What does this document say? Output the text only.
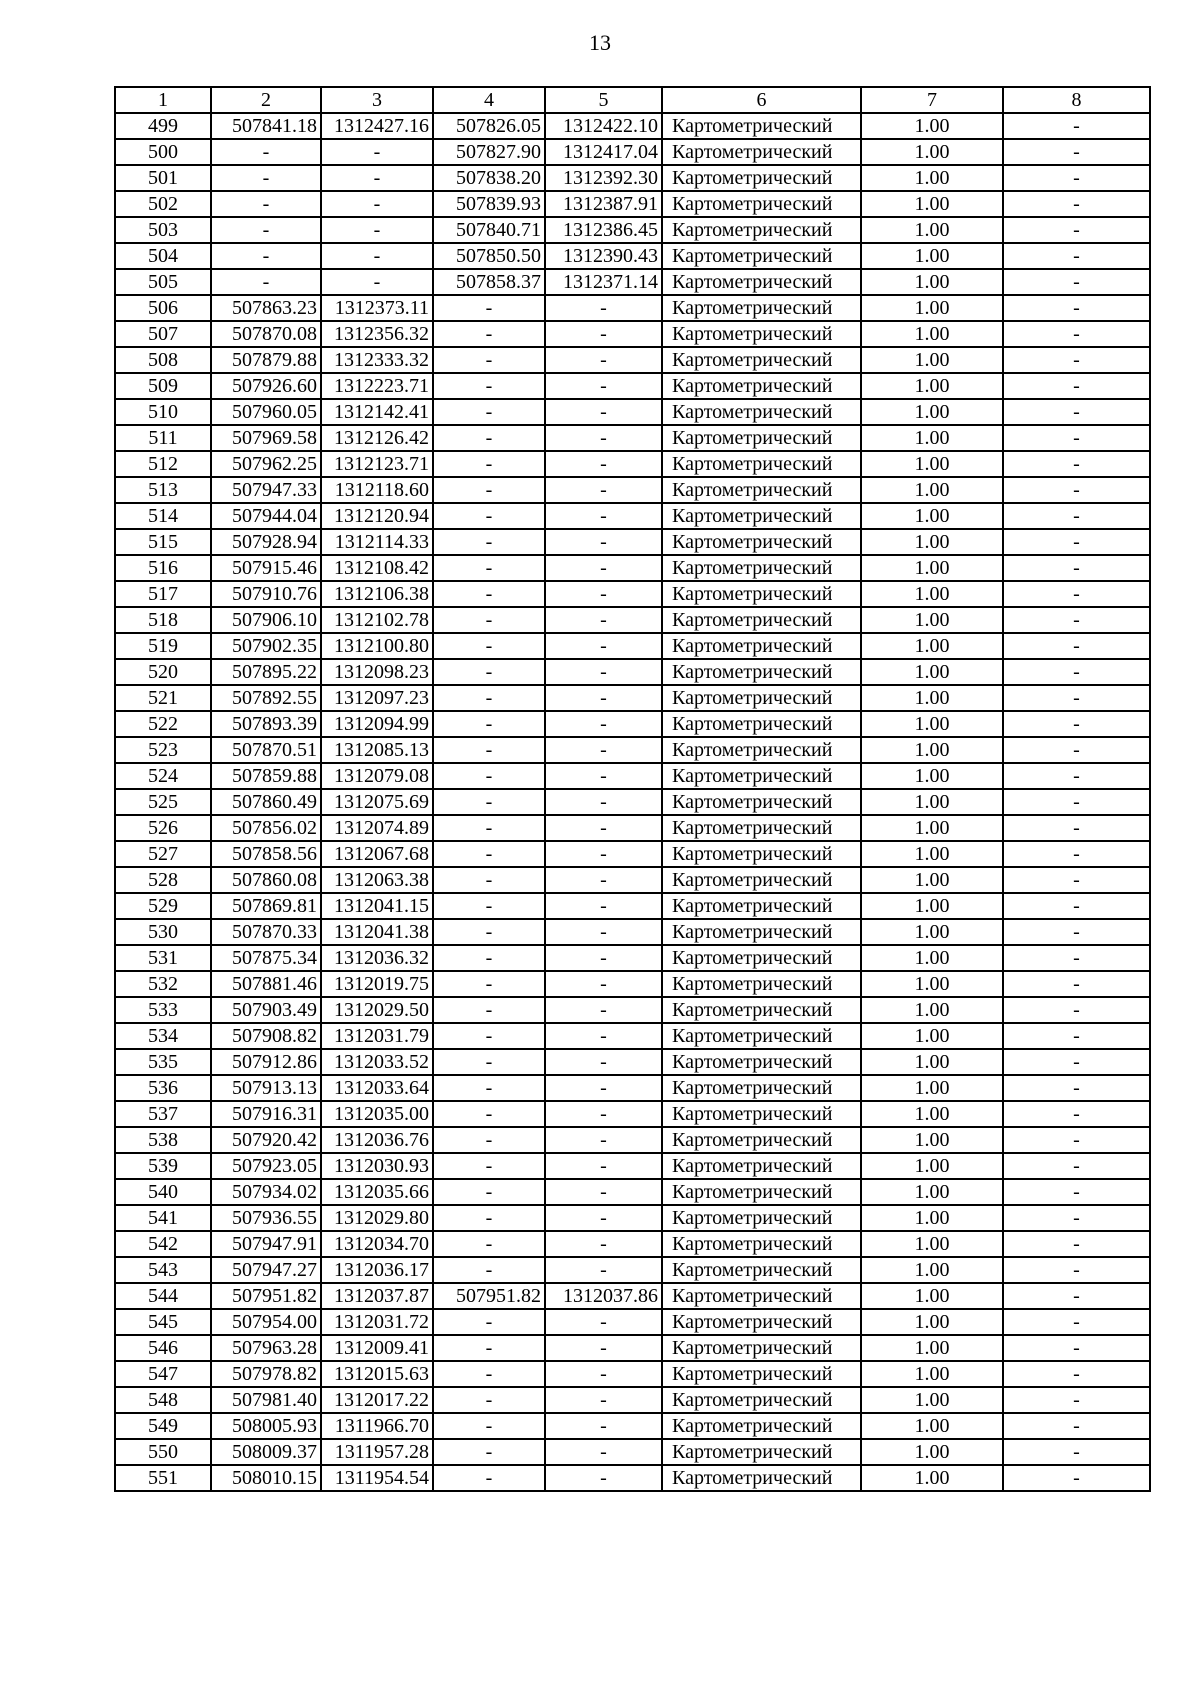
13
1	2	3	4	5	6	7	8
499	507841.18	1312427.16	507826.05	1312422.10	Картометрический	1.00	-
500	-	-	507827.90	1312417.04	Картометрический	1.00	-
501	-	-	507838.20	1312392.30	Картометрический	1.00	-
502	-	-	507839.93	1312387.91	Картометрический	1.00	-
503	-	-	507840.71	1312386.45	Картометрический	1.00	-
504	-	-	507850.50	1312390.43	Картометрический	1.00	-
505	-	-	507858.37	1312371.14	Картометрический	1.00	-
506	507863.23	1312373.11	-	-	Картометрический	1.00	-
507	507870.08	1312356.32	-	-	Картометрический	1.00	-
508	507879.88	1312333.32	-	-	Картометрический	1.00	-
509	507926.60	1312223.71	-	-	Картометрический	1.00	-
510	507960.05	1312142.41	-	-	Картометрический	1.00	-
511	507969.58	1312126.42	-	-	Картометрический	1.00	-
512	507962.25	1312123.71	-	-	Картометрический	1.00	-
513	507947.33	1312118.60	-	-	Картометрический	1.00	-
514	507944.04	1312120.94	-	-	Картометрический	1.00	-
515	507928.94	1312114.33	-	-	Картометрический	1.00	-
516	507915.46	1312108.42	-	-	Картометрический	1.00	-
517	507910.76	1312106.38	-	-	Картометрический	1.00	-
518	507906.10	1312102.78	-	-	Картометрический	1.00	-
519	507902.35	1312100.80	-	-	Картометрический	1.00	-
520	507895.22	1312098.23	-	-	Картометрический	1.00	-
521	507892.55	1312097.23	-	-	Картометрический	1.00	-
522	507893.39	1312094.99	-	-	Картометрический	1.00	-
523	507870.51	1312085.13	-	-	Картометрический	1.00	-
524	507859.88	1312079.08	-	-	Картометрический	1.00	-
525	507860.49	1312075.69	-	-	Картометрический	1.00	-
526	507856.02	1312074.89	-	-	Картометрический	1.00	-
527	507858.56	1312067.68	-	-	Картометрический	1.00	-
528	507860.08	1312063.38	-	-	Картометрический	1.00	-
529	507869.81	1312041.15	-	-	Картометрический	1.00	-
530	507870.33	1312041.38	-	-	Картометрический	1.00	-
531	507875.34	1312036.32	-	-	Картометрический	1.00	-
532	507881.46	1312019.75	-	-	Картометрический	1.00	-
533	507903.49	1312029.50	-	-	Картометрический	1.00	-
534	507908.82	1312031.79	-	-	Картометрический	1.00	-
535	507912.86	1312033.52	-	-	Картометрический	1.00	-
536	507913.13	1312033.64	-	-	Картометрический	1.00	-
537	507916.31	1312035.00	-	-	Картометрический	1.00	-
538	507920.42	1312036.76	-	-	Картометрический	1.00	-
539	507923.05	1312030.93	-	-	Картометрический	1.00	-
540	507934.02	1312035.66	-	-	Картометрический	1.00	-
541	507936.55	1312029.80	-	-	Картометрический	1.00	-
542	507947.91	1312034.70	-	-	Картометрический	1.00	-
543	507947.27	1312036.17	-	-	Картометрический	1.00	-
544	507951.82	1312037.87	507951.82	1312037.86	Картометрический	1.00	-
545	507954.00	1312031.72	-	-	Картометрический	1.00	-
546	507963.28	1312009.41	-	-	Картометрический	1.00	-
547	507978.82	1312015.63	-	-	Картометрический	1.00	-
548	507981.40	1312017.22	-	-	Картометрический	1.00	-
549	508005.93	1311966.70	-	-	Картометрический	1.00	-
550	508009.37	1311957.28	-	-	Картометрический	1.00	-
551	508010.15	1311954.54	-	-	Картометрический	1.00	-
